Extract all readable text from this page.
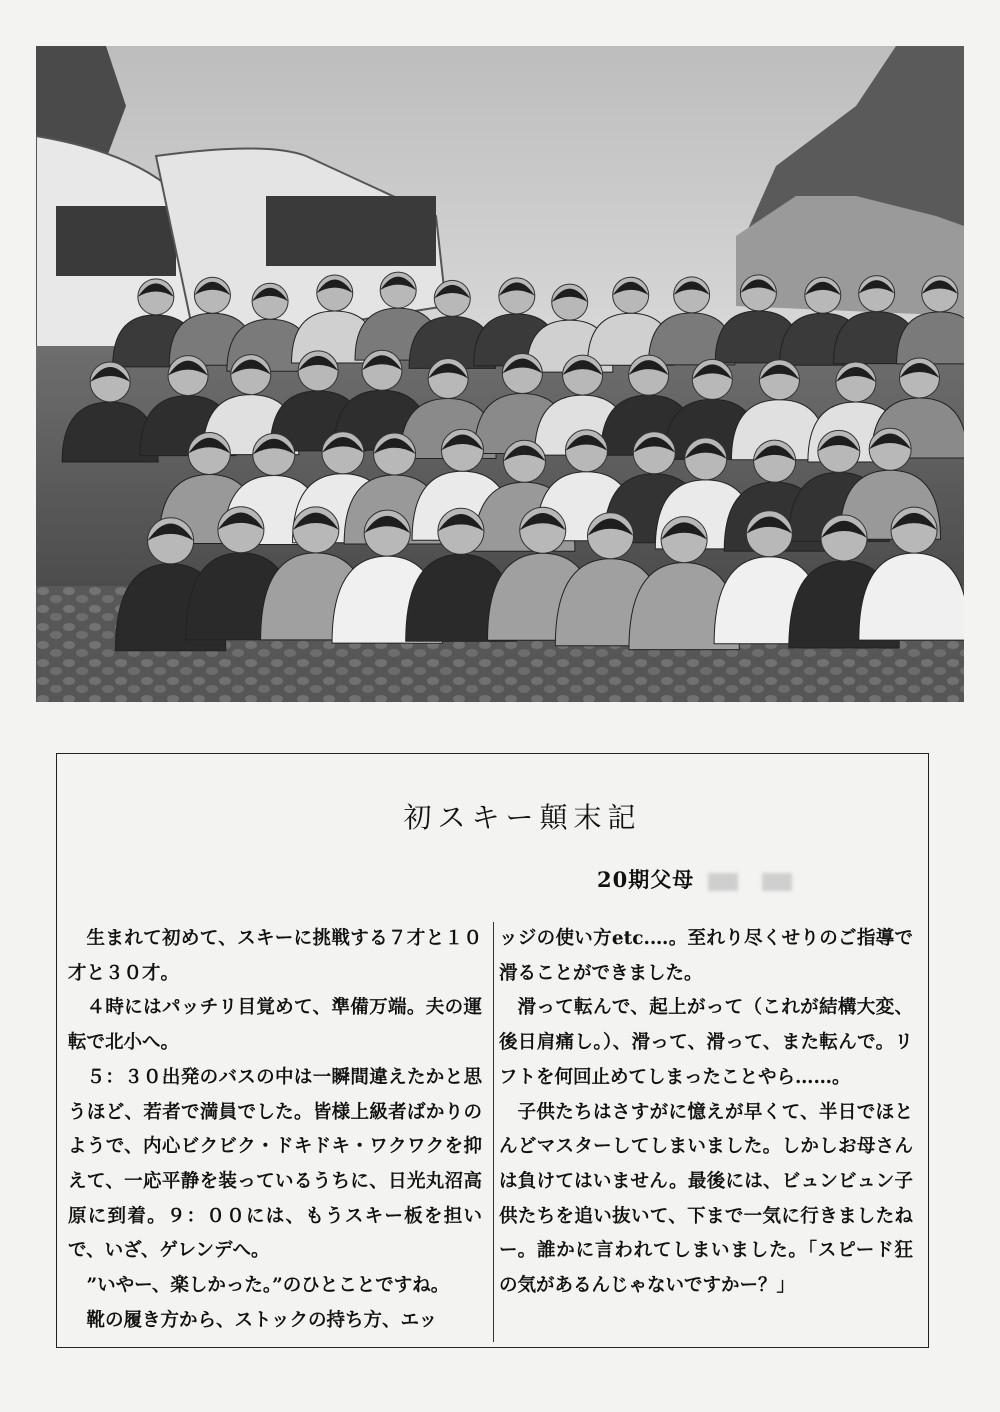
初スキー顛末記
20期父母

生まれて初めて、スキーに挑戦する７才と１０才と３０才。

４時にはパッチリ目覚めて、準備万端。夫の運転で北小へ。

５：３０出発のバスの中は一瞬間違えたかと思うほど、若者で満員でした。皆様上級者ばかりのようで、内心ビクビク・ドキドキ・ワクワクを抑えて、一応平静を装っているうちに、日光丸沼高原に到着。９：００には、もうスキー板を担いで、いざ、ゲレンデへ。

”いやー、楽しかった。”のひとことですね。

靴の履き方から、ストックの持ち方、エッ

ッジの使い方etc.…。至れり尽くせりのご指導で滑ることができました。

滑って転んで、起上がって（これが結構大変、後日肩痛し。）、滑って、滑って、また転んで。リフトを何回止めてしまったことやら……。

子供たちはさすがに憶えが早くて、半日でほとんどマスターしてしまいました。しかしお母さんは負けてはいません。最後には、ビュンビュン子供たちを追い抜いて、下まで一気に行きましたねー。誰かに言われてしまいました。「スピード狂の気があるんじゃないですかー？」
